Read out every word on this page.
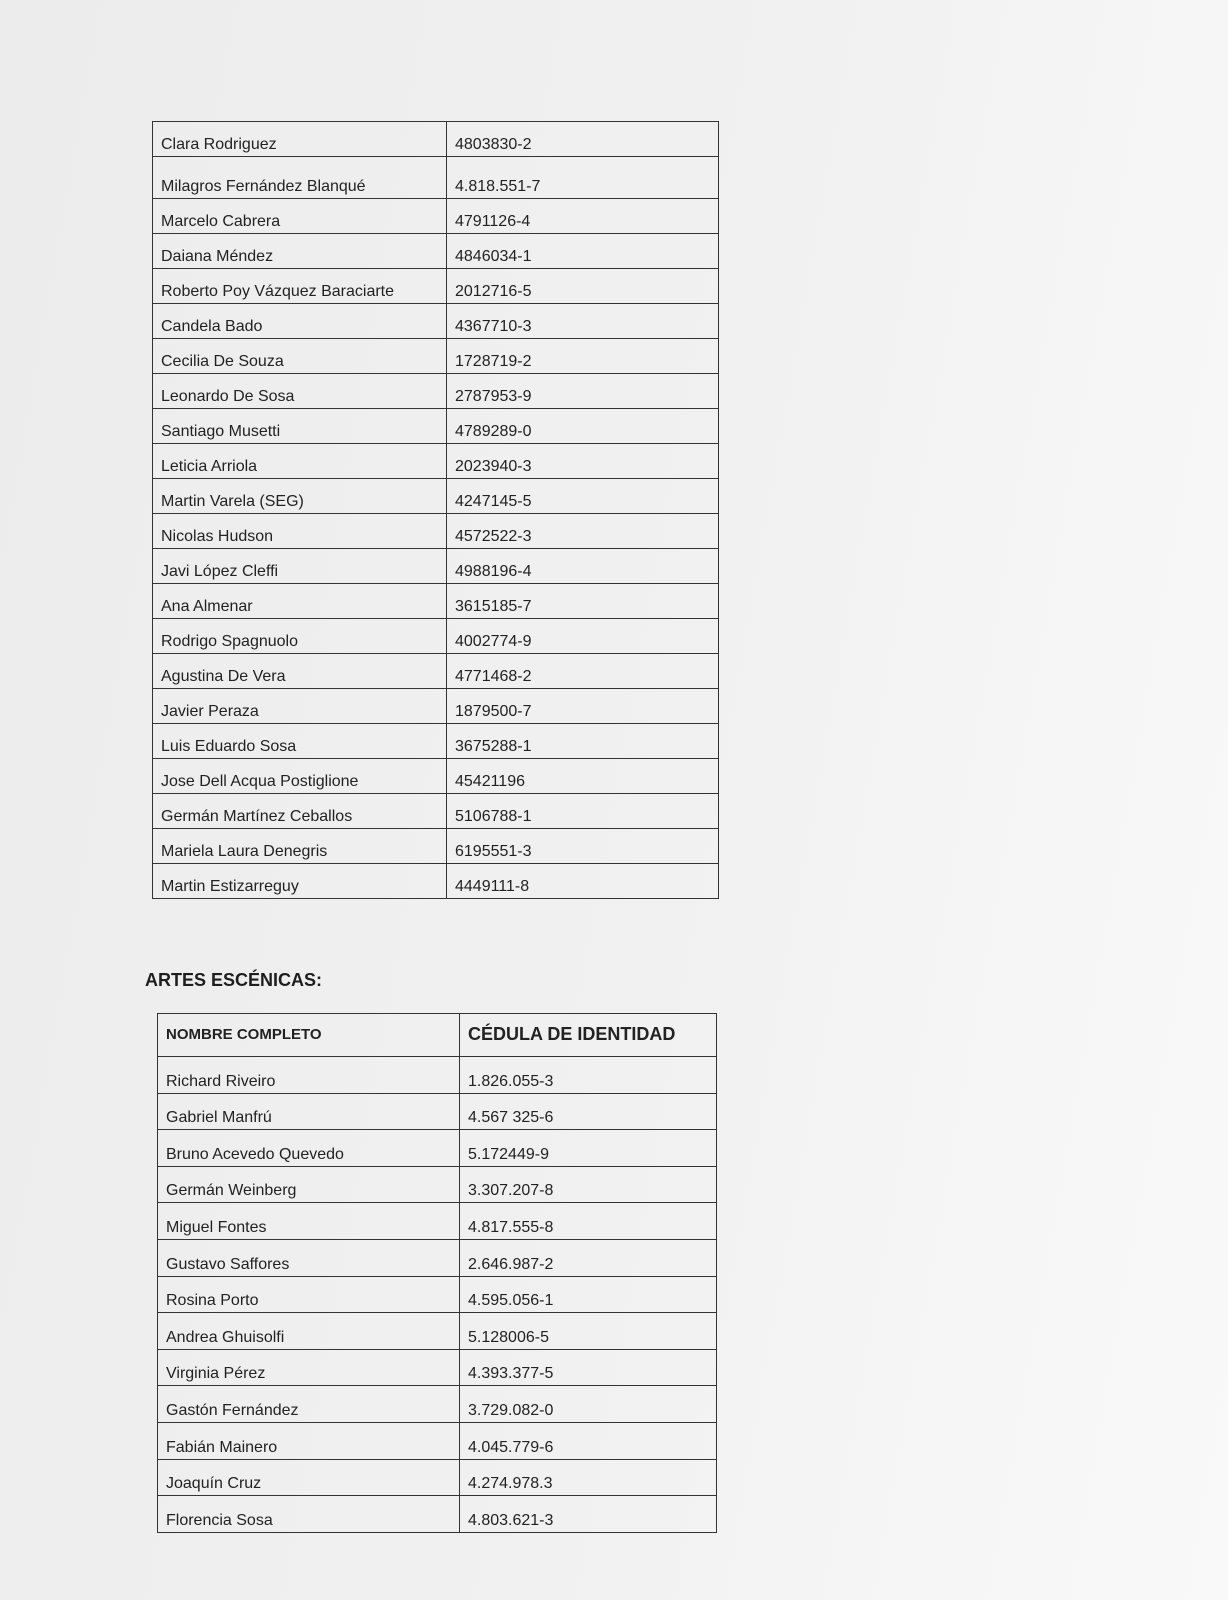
Clara Rodriguez	4803830-2
Milagros Fernández Blanqué	4.818.551-7
Marcelo Cabrera	4791126-4
Daiana Méndez	4846034-1
Roberto Poy Vázquez Baraciarte	2012716-5
Candela Bado	4367710-3
Cecilia De Souza	1728719-2
Leonardo De Sosa	2787953-9
Santiago Musetti	4789289-0
Leticia Arriola	2023940-3
Martin Varela (SEG)	4247145-5
Nicolas Hudson	4572522-3
Javi López Cleffi	4988196-4
Ana Almenar	3615185-7
Rodrigo Spagnuolo	4002774-9
Agustina De Vera	4771468-2
Javier Peraza	1879500-7
Luis Eduardo Sosa	3675288-1
Jose Dell Acqua Postiglione	45421196
Germán Martínez Ceballos	5106788-1
Mariela Laura Denegris	6195551-3
Martin Estizarreguy	4449111-8
ARTES ESCÉNICAS:
NOMBRE COMPLETO	CÉDULA DE IDENTIDAD
Richard Riveiro	1.826.055-3
Gabriel Manfrú	4.567 325-6
Bruno Acevedo Quevedo	5.172449-9
Germán Weinberg	3.307.207-8
Miguel Fontes	4.817.555-8
Gustavo Saffores	2.646.987-2
Rosina Porto	4.595.056-1
Andrea Ghuisolfi	5.128006-5
Virginia Pérez	4.393.377-5
Gastón Fernández	3.729.082-0
Fabián Mainero	4.045.779-6
Joaquín Cruz	4.274.978.3
Florencia Sosa	4.803.621-3
